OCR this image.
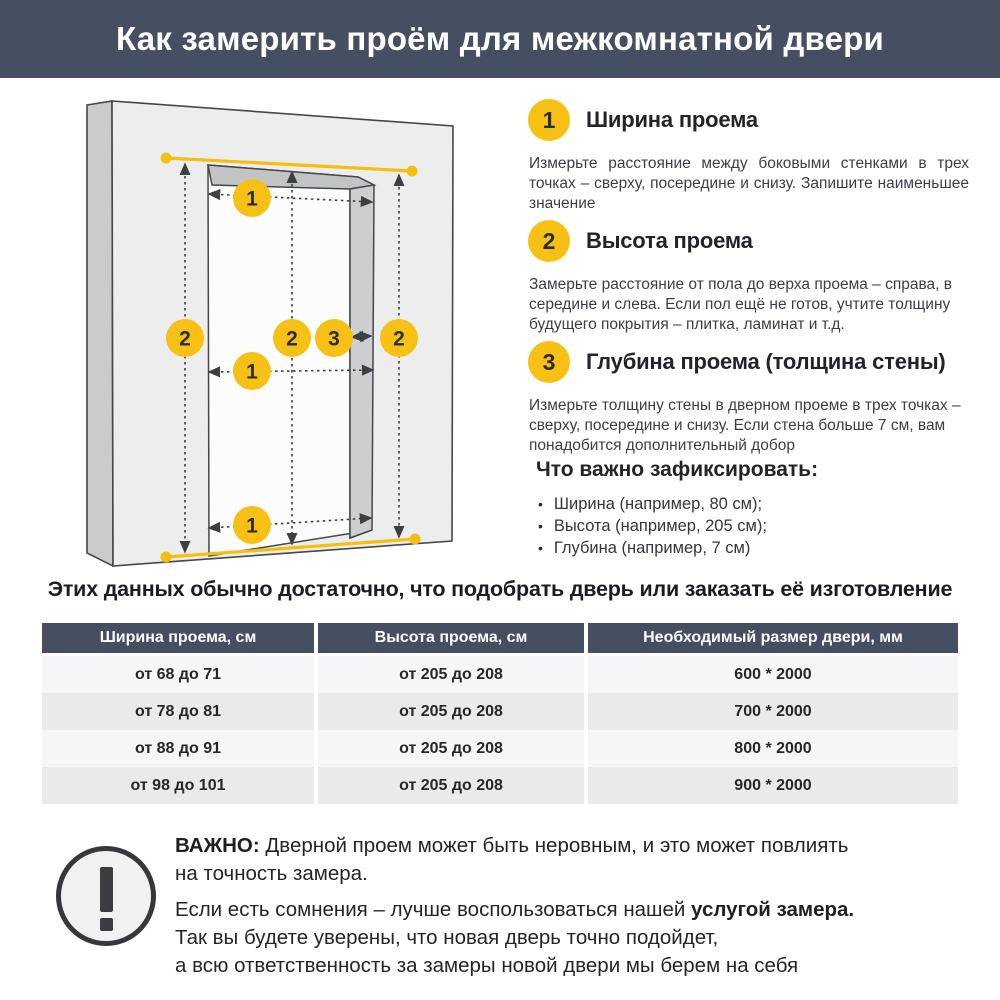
Как замерить проём для межкомнатной двери
1
1
1
2	2	2
3
1 Ширина проема

Измерьте расстояние между боковыми стенками в трех точках – сверху, посередине и снизу. Запишите наименьшее значение

2 Высота проема

Замерьте расстояние от пола до верха проема – справа, в середине и слева. Если пол ещё не готов, учтите толщину будущего покрытия – плитка, ламинат и т.д.

3 Глубина проема (толщина стены)

Измерьте толщину стены в дверном проеме в трех точках – сверху, посередине и снизу. Если стена больше 7 см, вам понадобится дополнительный добор

Что важно зафиксировать:
• Ширина (например, 80 см);
• Высота (например, 205 см);
• Глубина (например, 7 см)
Этих данных обычно достаточно, что подобрать дверь или заказать её изготовление
Ширина проема, см	Высота проема, см	Необходимый размер двери, мм
от 68 до 71	от 205 до 208	600 * 2000
от 78 до 81	от 205 до 208	700 * 2000
от 88 до 91	от 205 до 208	800 * 2000
от 98 до 101	от 205 до 208	900 * 2000

ВАЖНО: Дверной проем может быть неровным, и это может повлиять

на точность замера.

Если есть сомнения – лучше воспользоваться нашей услугой замера.

Так вы будете уверены, что новая дверь точно подойдет,

а всю ответственность за замеры новой двери мы берем на себя
